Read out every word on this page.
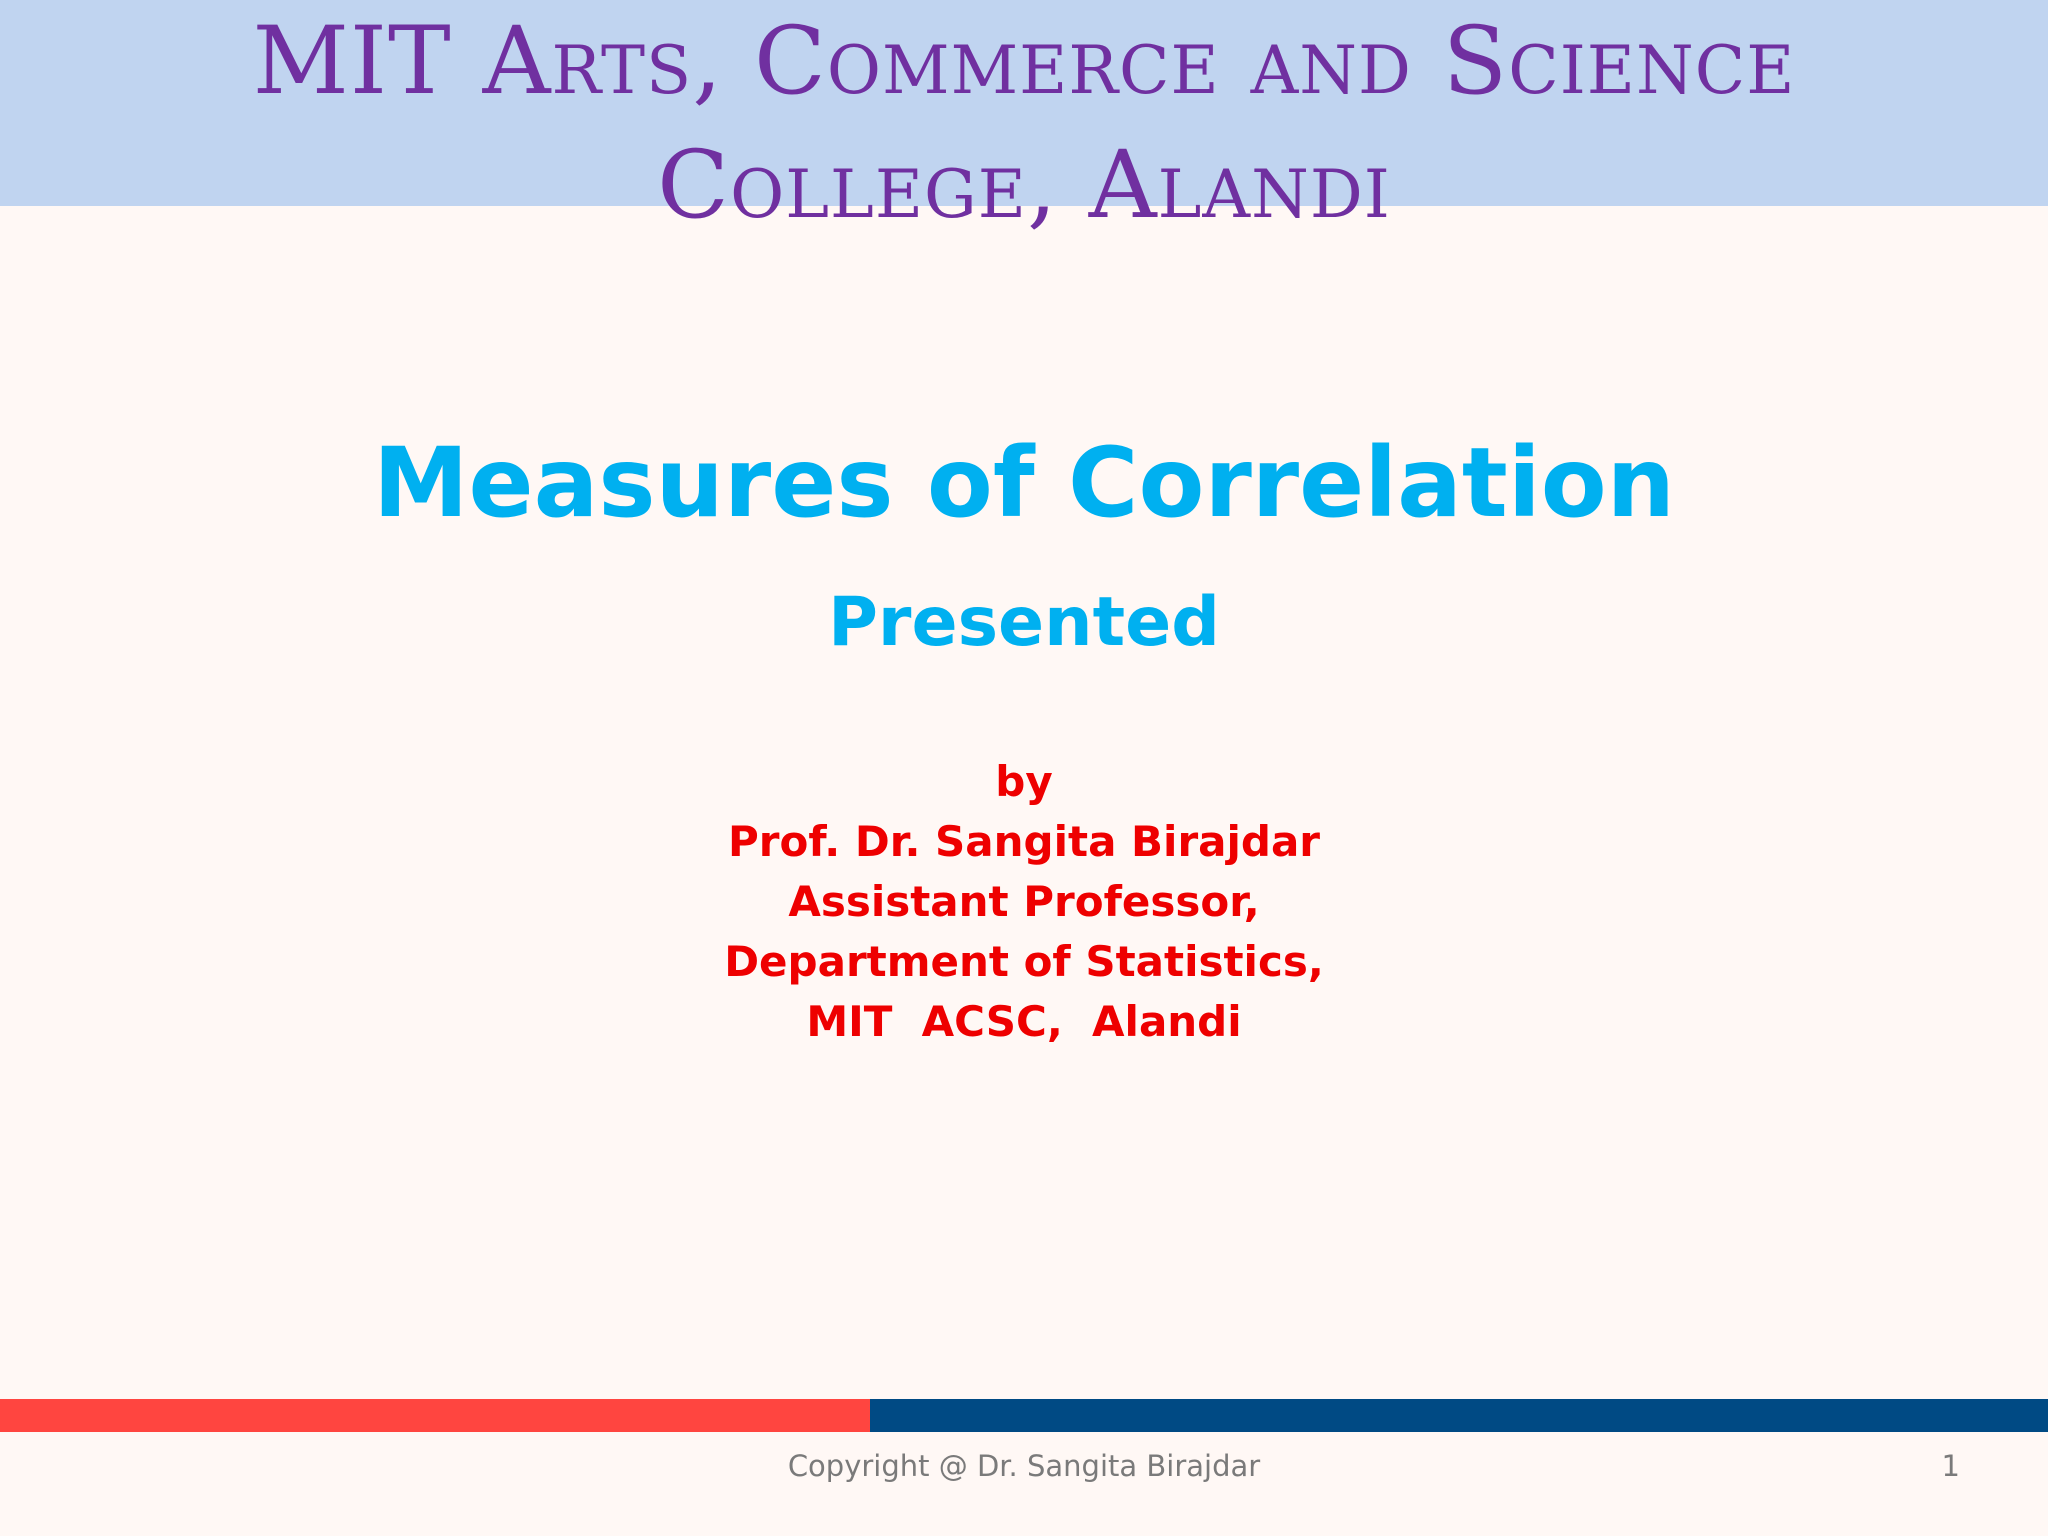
MIT Arts, Commerce and Science
College, Alandi
Measures of Correlation
Presented
by
Prof. Dr. Sangita Birajdar
Assistant Professor,
Department of Statistics,
MIT  ACSC,  Alandi
Copyright @ Dr. Sangita Birajdar	1
